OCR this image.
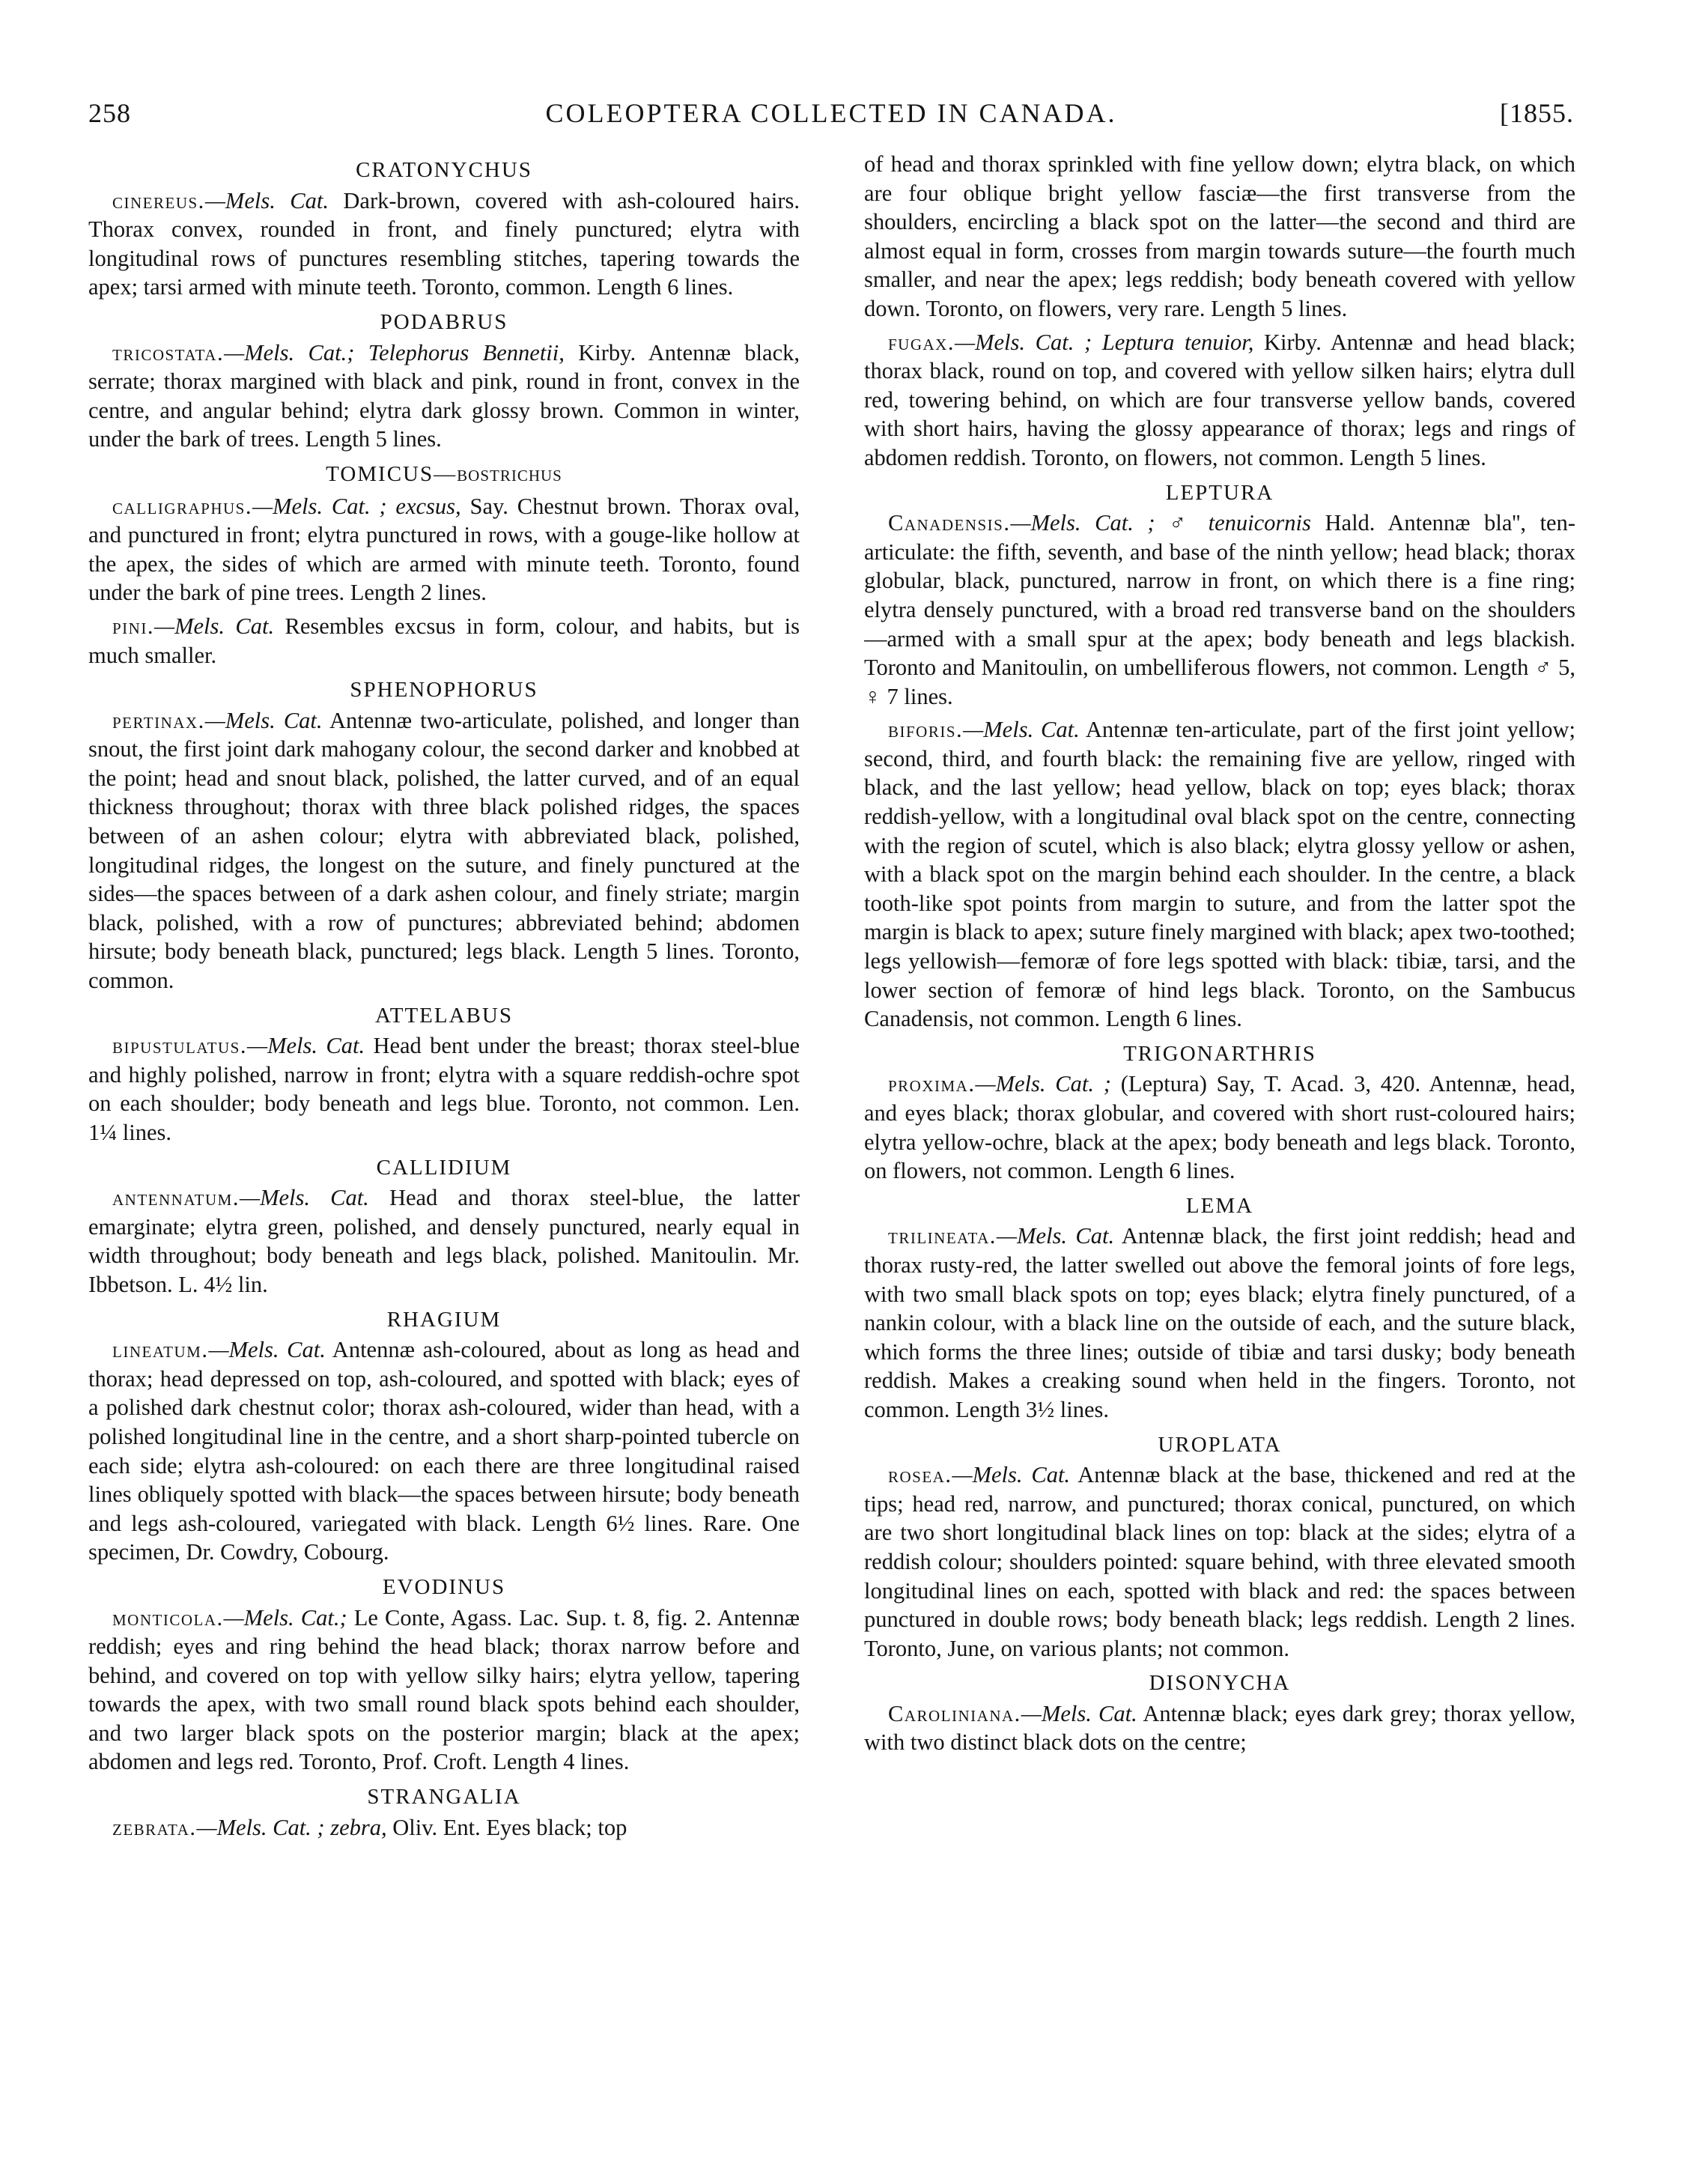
258	COLEOPTERA COLLECTED IN CANADA.	[1855.
CRATONYCHUS

cinereus.—Mels. Cat. Dark-brown, covered with ash-coloured hairs. Thorax convex, rounded in front, and finely punctured; elytra with longitudinal rows of punctures resembling stitches, tapering towards the apex; tarsi armed with minute teeth. Toronto, common. Length 6 lines.

PODABRUS

tricostata.—Mels. Cat.; Telephorus Bennetii, Kirby. Antennæ black, serrate; thorax margined with black and pink, round in front, convex in the centre, and angular behind; elytra dark glossy brown. Common in winter, under the bark of trees. Length 5 lines.

TOMICUS—BOSTRICHUS

calligraphus.—Mels. Cat. ; excsus, Say. Chestnut brown. Thorax oval, and punctured in front; elytra punctured in rows, with a gouge-like hollow at the apex, the sides of which are armed with minute teeth. Toronto, found under the bark of pine trees. Length 2 lines.

pini.—Mels. Cat. Resembles excsus in form, colour, and habits, but is much smaller.

SPHENOPHORUS

pertinax.—Mels. Cat. Antennæ two-articulate, polished, and longer than snout, the first joint dark mahogany colour, the second darker and knobbed at the point; head and snout black, polished, the latter curved, and of an equal thickness throughout; thorax with three black polished ridges, the spaces between of an ashen colour; elytra with abbreviated black, polished, longitudinal ridges, the longest on the suture, and finely punctured at the sides—the spaces between of a dark ashen colour, and finely striate; margin black, polished, with a row of punctures; abbreviated behind; abdomen hirsute; body beneath black, punctured; legs black. Length 5 lines. Toronto, common.

ATTELABUS

bipustulatus.—Mels. Cat. Head bent under the breast; thorax steel-blue and highly polished, narrow in front; elytra with a square reddish-ochre spot on each shoulder; body beneath and legs blue. Toronto, not common. Len. 1¼ lines.

CALLIDIUM

antennatum.—Mels. Cat. Head and thorax steel-blue, the latter emarginate; elytra green, polished, and densely punctured, nearly equal in width throughout; body beneath and legs black, polished. Manitoulin. Mr. Ibbetson. L. 4½ lin.

RHAGIUM

lineatum.—Mels. Cat. Antennæ ash-coloured, about as long as head and thorax; head depressed on top, ash-coloured, and spotted with black; eyes of a polished dark chestnut color; thorax ash-coloured, wider than head, with a polished longitudinal line in the centre, and a short sharp-pointed tubercle on each side; elytra ash-coloured: on each there are three longitudinal raised lines obliquely spotted with black—the spaces between hirsute; body beneath and legs ash-coloured, variegated with black. Length 6½ lines. Rare. One specimen, Dr. Cowdry, Cobourg.

EVODINUS

monticola.—Mels. Cat.; Le Conte, Agass. Lac. Sup. t. 8, fig. 2. Antennæ reddish; eyes and ring behind the head black; thorax narrow before and behind, and covered on top with yellow silky hairs; elytra yellow, tapering towards the apex, with two small round black spots behind each shoulder, and two larger black spots on the posterior margin; black at the apex; abdomen and legs red. Toronto, Prof. Croft. Length 4 lines.

STRANGALIA

zebrata.—Mels. Cat. ; zebra, Oliv. Ent. Eyes black; top

of head and thorax sprinkled with fine yellow down; elytra black, on which are four oblique bright yellow fasciæ—the first transverse from the shoulders, encircling a black spot on the latter—the second and third are almost equal in form, crosses from margin towards suture—the fourth much smaller, and near the apex; legs reddish; body beneath covered with yellow down. Toronto, on flowers, very rare. Length 5 lines.

fugax.—Mels. Cat. ; Leptura tenuior, Kirby. Antennæ and head black; thorax black, round on top, and covered with yellow silken hairs; elytra dull red, towering behind, on which are four transverse yellow bands, covered with short hairs, having the glossy appearance of thorax; legs and rings of abdomen reddish. Toronto, on flowers, not common. Length 5 lines.

LEPTURA

Canadensis.—Mels. Cat. ; ♂ tenuicornis Hald. Antennæ bla'', ten-articulate: the fifth, seventh, and base of the ninth yellow; head black; thorax globular, black, punctured, narrow in front, on which there is a fine ring; elytra densely punctured, with a broad red transverse band on the shoulders—armed with a small spur at the apex; body beneath and legs blackish. Toronto and Manitoulin, on umbelliferous flowers, not common. Length ♂ 5, ♀ 7 lines.

biforis.—Mels. Cat. Antennæ ten-articulate, part of the first joint yellow; second, third, and fourth black: the remaining five are yellow, ringed with black, and the last yellow; head yellow, black on top; eyes black; thorax reddish-yellow, with a longitudinal oval black spot on the centre, connecting with the region of scutel, which is also black; elytra glossy yellow or ashen, with a black spot on the margin behind each shoulder. In the centre, a black tooth-like spot points from margin to suture, and from the latter spot the margin is black to apex; suture finely margined with black; apex two-toothed; legs yellowish—femoræ of fore legs spotted with black: tibiæ, tarsi, and the lower section of femoræ of hind legs black. Toronto, on the Sambucus Canadensis, not common. Length 6 lines.

TRIGONARTHRIS

proxima.—Mels. Cat. ; (Leptura) Say, T. Acad. 3, 420. Antennæ, head, and eyes black; thorax globular, and covered with short rust-coloured hairs; elytra yellow-ochre, black at the apex; body beneath and legs black. Toronto, on flowers, not common. Length 6 lines.

LEMA

trilineata.—Mels. Cat. Antennæ black, the first joint reddish; head and thorax rusty-red, the latter swelled out above the femoral joints of fore legs, with two small black spots on top; eyes black; elytra finely punctured, of a nankin colour, with a black line on the outside of each, and the suture black, which forms the three lines; outside of tibiæ and tarsi dusky; body beneath reddish. Makes a creaking sound when held in the fingers. Toronto, not common. Length 3½ lines.

UROPLATA

rosea.—Mels. Cat. Antennæ black at the base, thickened and red at the tips; head red, narrow, and punctured; thorax conical, punctured, on which are two short longitudinal black lines on top: black at the sides; elytra of a reddish colour; shoulders pointed: square behind, with three elevated smooth longitudinal lines on each, spotted with black and red: the spaces between punctured in double rows; body beneath black; legs reddish. Length 2 lines. Toronto, June, on various plants; not common.

DISONYCHA

Caroliniana.—Mels. Cat. Antennæ black; eyes dark grey; thorax yellow, with two distinct black dots on the centre;
